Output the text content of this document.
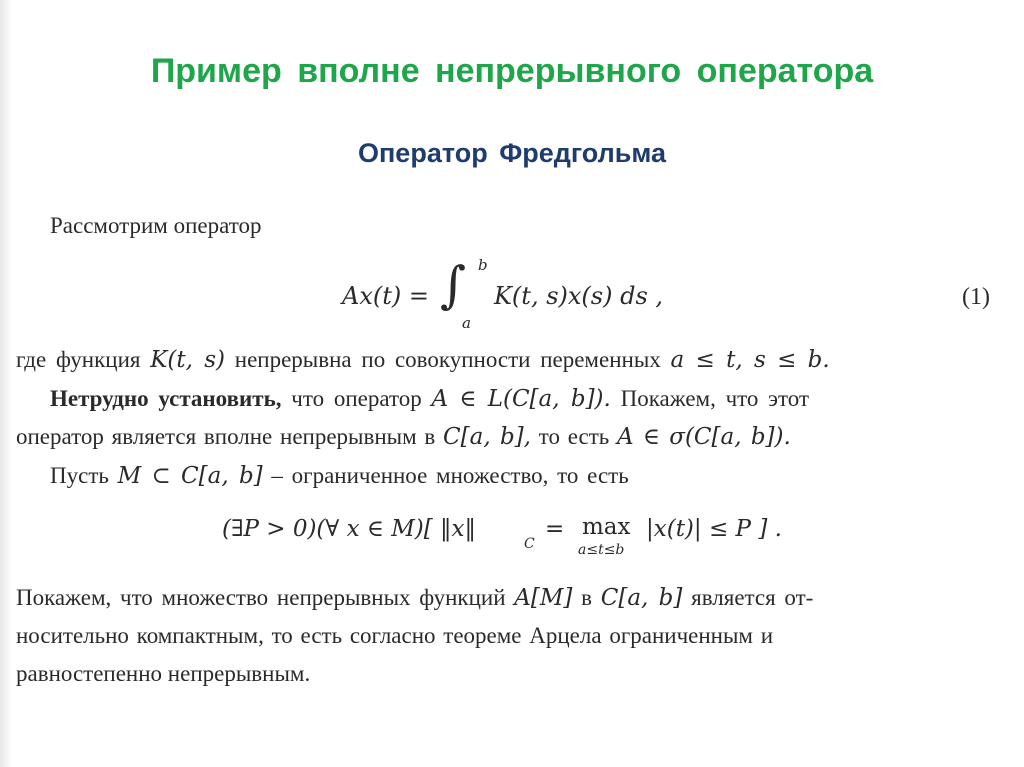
Пример вполне непрерывного оператора
Оператор Фредгольма
Рассмотрим оператор
Ax(t) = ∫ b
a
K(t, s)x(s) ds ,	(1)
где функция K(t, s) непрерывна по совокупности переменных a ≤ t, s ≤ b.
Нетрудно установить, что оператор A ∈ L(C[a, b]). Покажем, что этот
оператор является вполне непрерывным в C[a, b], то есть A ∈ σ(C[a, b]).
Пусть M ⊂ C[a, b] – ограниченное множество, то есть
(∃P > 0)(∀ x ∈ M)[ ‖x‖
C
= max
a≤t≤b
|x(t)| ≤ P ] .
Покажем, что множество непрерывных функций A[M] в C[a, b] является от-
носительно компактным, то есть согласно теореме Арцела ограниченным и
равностепенно непрерывным.
